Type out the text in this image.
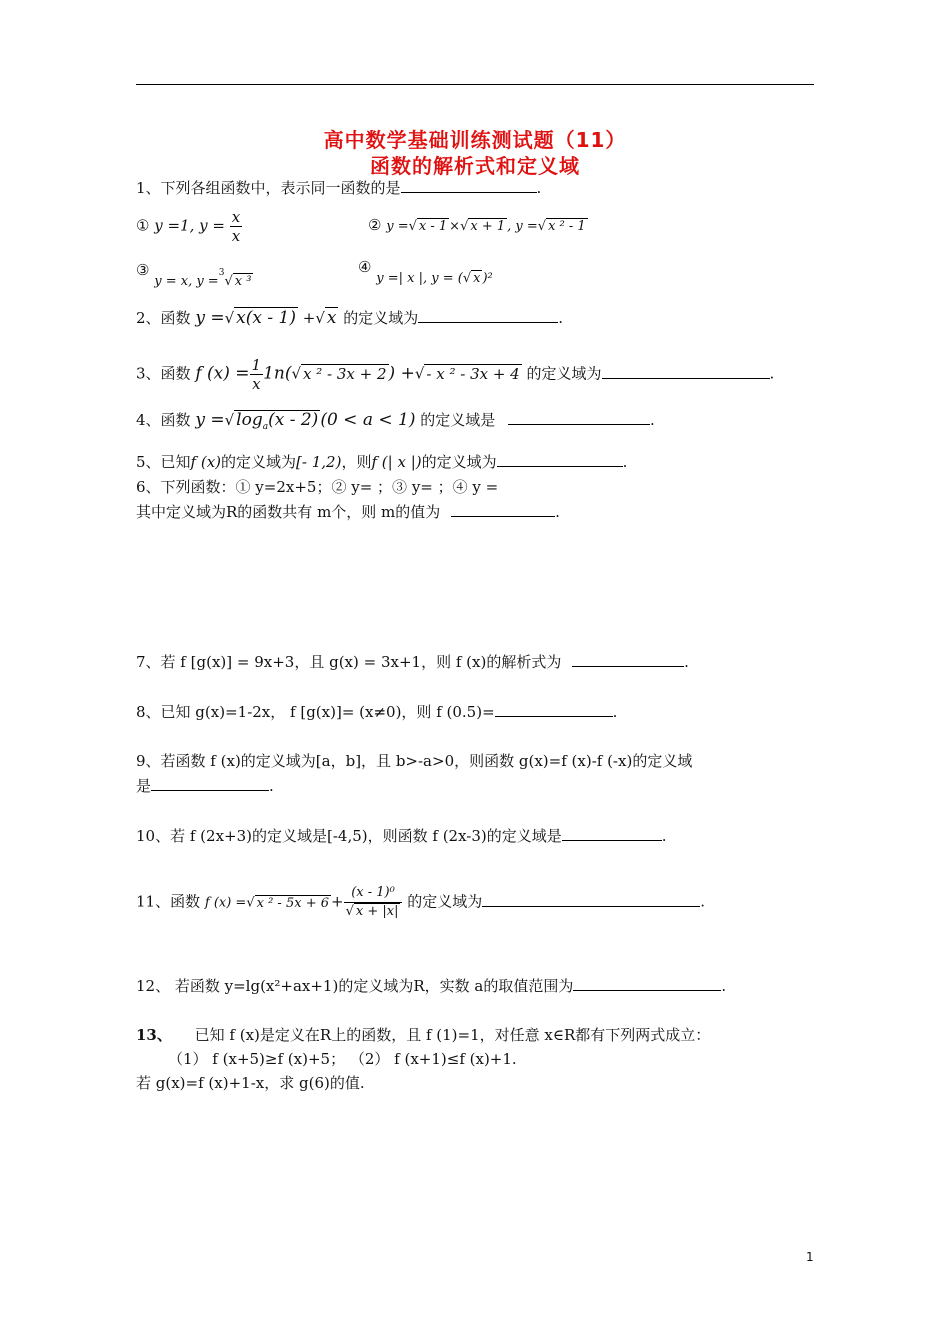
高中数学基础训练测试题（11）
函数的解析式和定义域
1、下列各组函数中，表示同一函数的是	.
① y =1, $y = \frac{x}{x}$	② y =√ x - 1 ×√ x + 1 , y =√ x ² - 1
③ y = x, y =$^3$√ x ³
④ y =| x |, y = (√ x )²
2、函数 y =√ x(x - 1) +√ x 的定义域为	.
3、函数 f $(x) = \frac{1}{x} 1n(√$ x ² - 3x + 2 ) +√ - x ² - 3x + 4 的定义域为	.
4、函数 y =√ $\log_a(x - 2) (0 < a < 1)$ 的定义域是	.
5、已知f (x)的定义域为[- 1,2)，则f (| x |)的定义域为	.
6、下列函数：① y=2x+5；② y= ；③ y= ；④ y =
其中定义域为R的函数共有 m个，则 m的值为	.
7、若 f [g(x)] = 9x+3，且 g(x) = 3x+1，则 f (x)的解析式为	.
8、已知 g(x)=1-2x， f [g(x)]= (x≠0)，则 f (0.5)=	.
9、若函数 f (x)的定义域为[a，b]，且 b>-a>0，则函数 g(x)=f (x)-f (-x)的定义域
是	.
10、若 f (2x+3)的定义域是[-4,5)，则函数 f (2x-3)的定义域是	.
11、函数 f (x) =√ x $^2 - 5x + 6 + \frac{\text{(x - 1)⁰}}{√ x + |x|}$ 的定义域为	.
12、 若函数 y=lg(x²+ax+1)的定义域为R，实数 a的取值范围为	.
13、 已知 f (x)是定义在R上的函数，且 f (1)=1，对任意 x∈R都有下列两式成立：
（1） f (x+5)≥f (x)+5； （2） f (x+1)≤f (x)+1.
若 g(x)=f (x)+1-x，求 g(6)的值.
1
